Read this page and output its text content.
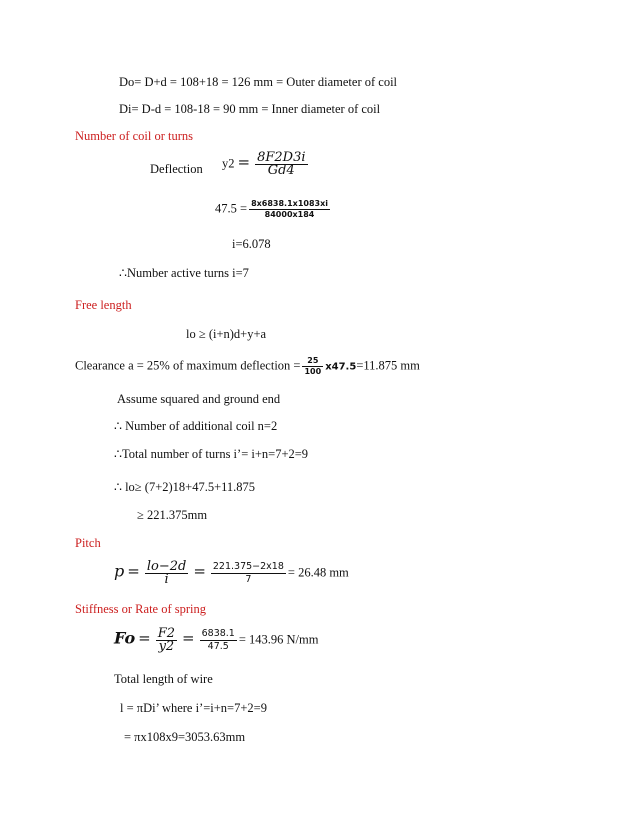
Do= D+d = 108+18 = 126 mm = Outer diameter of coil
Di= D-d = 108-18 = 90 mm = Inner diameter of coil
Number of coil or turns
Deflection $y2 = \frac{8F2D3i}{Gd4}$
$47.5 = \frac{8x6838.1x1083xi}{84000x184}$
i=6.078
∴Number active turns i=7
Free length
lo ≥ (i+n)d+y+a
Clearance a = 25% of maximum deflection = $\frac{25}{100} x47.5=11.875$ mm
Assume squared and ground end
∴ Number of additional coil n=2
∴Total number of turns i’= i+n=7+2=9
∴ lo≥ (7+2)18+47.5+11.875
≥ 221.375mm
Pitch
$p = \frac{lo-2d}{i} = \frac{221.375-2x18}{7} = 26.48$ mm
Stiffness or Rate of spring
$Fo = \frac{F2}{y2} = \frac{6838.1}{47.5} = 143.96$ N/mm
Total length of wire
l = πDi’ where i’=i+n=7+2=9
= πx108x9=3053.63mm
